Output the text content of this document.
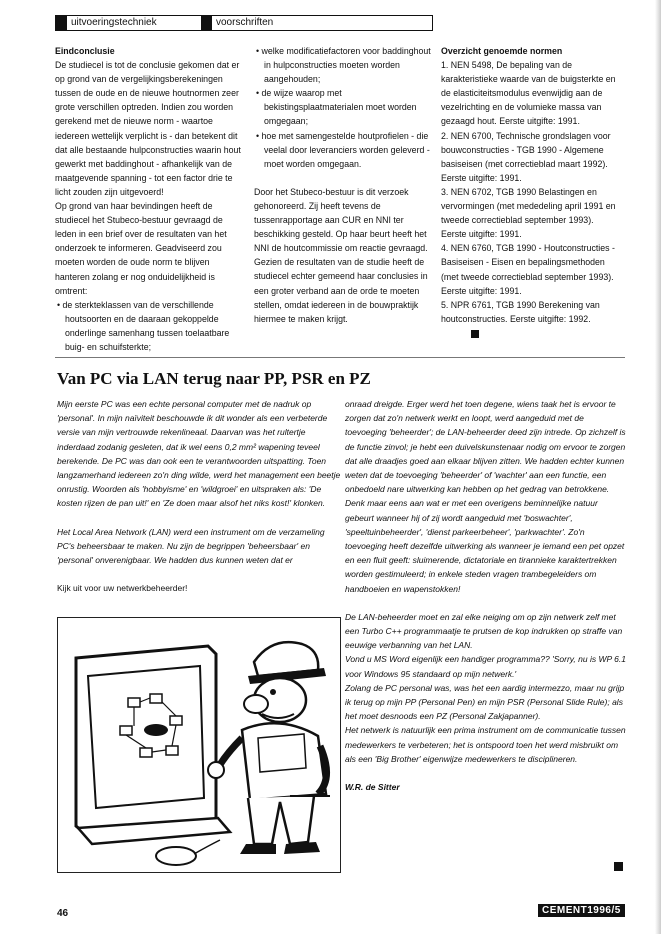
uitvoeringstechniek	voorschriften

Eindconclusie

De studiecel is tot de conclusie gekomen dat er op grond van de vergelijkingsberekeningen tussen de oude en de nieuwe houtnormen zeer grote verschillen optreden. Indien zou worden gerekend met de nieuwe norm - waartoe iedereen wettelijk verplicht is - dan betekent dit dat alle bestaande hulpconstructies waarin hout gewerkt met baddinghout - afhankelijk van de maatgevende spanning - tot een factor drie te licht zouden zijn uitgevoerd!

Op grond van haar bevindingen heeft de studiecel het Stubeco-bestuur gevraagd de leden in een brief over de resultaten van het onderzoek te informeren. Geadviseerd zou moeten worden de oude norm te blijven hanteren zolang er nog onduidelijkheid is omtrent:

• de sterkteklassen van de verschillende houtsoorten en de daaraan gekoppelde onderlinge samenhang tussen toelaatbare buig- en schuifsterkte;

• welke modificatiefactoren voor baddinghout in hulpconstructies moeten worden aangehouden;

• de wijze waarop met bekistingsplaatmaterialen moet worden omgegaan;

• hoe met samengestelde houtprofielen - die veelal door leveranciers worden geleverd - moet worden omgegaan.

Door het Stubeco-bestuur is dit verzoek gehonoreerd. Zij heeft tevens de tussenrapportage aan CUR en NNI ter beschikking gesteld. Op haar beurt heeft het NNI de houtcommissie om reactie gevraagd.

Gezien de resultaten van de studie heeft de studiecel echter gemeend haar conclusies in een groter verband aan de orde te moeten stellen, omdat iedereen in de bouwpraktijk hiermee te maken krijgt.

Overzicht genoemde normen

1. NEN 5498, De bepaling van de karakteristieke waarde van de buigsterkte en de elasticiteitsmodulus evenwijdig aan de vezelrichting en de volumieke massa van gezaagd hout. Eerste uitgifte: 1991.

2. NEN 6700, Technische grondslagen voor bouwconstructies - TGB 1990 - Algemene basiseisen (met correctieblad maart 1992). Eerste uitgifte: 1991.

3. NEN 6702, TGB 1990 Belastingen en vervormingen (met mededeling april 1991 en tweede correctieblad september 1993). Eerste uitgifte: 1991.

4. NEN 6760, TGB 1990 - Houtconstructies - Basiseisen - Eisen en bepalingsmethoden (met tweede correctieblad september 1993). Eerste uitgifte: 1991.

5. NPR 6761, TGB 1990 Berekening van houtconstructies. Eerste uitgifte: 1992.

Van PC via LAN terug naar PP, PSR en PZ

Mijn eerste PC was een echte personal computer met de nadruk op 'personal'. In mijn naïviteit beschouwde ik dit wonder als een verbeterde versie van mijn vertrouwde rekenlineaal. Daarvan was het rultertje inderdaad zodanig gesleten, dat ik wel eens 0,2 mm² wapening teveel berekende. De PC was dan ook een te verantwoorden uitspatting. Toen langzamerhand iedereen zo'n ding wilde, werd het management een beetje onrustig. Woorden als 'hobbyisme' en 'wildgroei' en uitspraken als: 'De kosten rijzen de pan uit!' en 'Ze doen maar alsof het niks kost!' klonken.

Het Local Area Network (LAN) werd een instrument om de verzameling PC's beheersbaar te maken. Nu zijn de begrippen 'beheersbaar' en 'personal' onverenigbaar. We hadden dus kunnen weten dat er

Kijk uit voor uw netwerkbeheerder!

onraad dreigde. Erger werd het toen degene, wiens taak het is ervoor te zorgen dat zo'n netwerk werkt en loopt, werd aangeduid met de toevoeging 'beheerder'; de LAN-beheerder deed zijn intrede. Op zichzelf is de functie zinvol; je hebt een duivelskunstenaar nodig om ervoor te zorgen dat alle draadjes goed aan elkaar blijven zitten. We hadden echter kunnen weten dat de toevoeging 'beheerder' of 'wachter' aan een functie, een onbedoeld nare uitwerking kan hebben op het gedrag van betrokkene. Denk maar eens aan wat er met een overigens beminnelijke natuur gebeurt wanneer hij of zij wordt aangeduid met 'boswachter', 'speeltuinbeheerder', 'dienst parkeerbeheer', 'parkwachter'. Zo'n toevoeging heeft dezelfde uitwerking als wanneer je iemand een pet opzet en een fluit geeft: sluimerende, dictatoriale en tirannieke karaktertrekken worden gestimuleerd; in enkele steden vragen trambegeleiders om handboeien en wapenstokken!

De LAN-beheerder moet en zal elke neiging om op zijn netwerk zelf met een Turbo C++ programmaatje te prutsen de kop indrukken op straffe van eeuwige verbanning van het LAN.

Vond u MS Word eigenlijk een handiger programma?? 'Sorry, nu is WP 6.1 voor Windows 95 standaard op mijn netwerk.'

Zolang de PC personal was, was het een aardig intermezzo, maar nu grijp ik terug op mijn PP (Personal Pen) en mijn PSR (Personal Slide Rule); als het moet desnoods een PZ (Personal Zakjapanner).

Het netwerk is natuurlijk een prima instrument om de communicatie tussen medewerkers te verbeteren; het is ontspoord toen het werd misbruikt om als een 'Big Brother' eigenwijze medewerkers te disciplineren.

W.R. de Sitter

46	CEMENT1996/5
